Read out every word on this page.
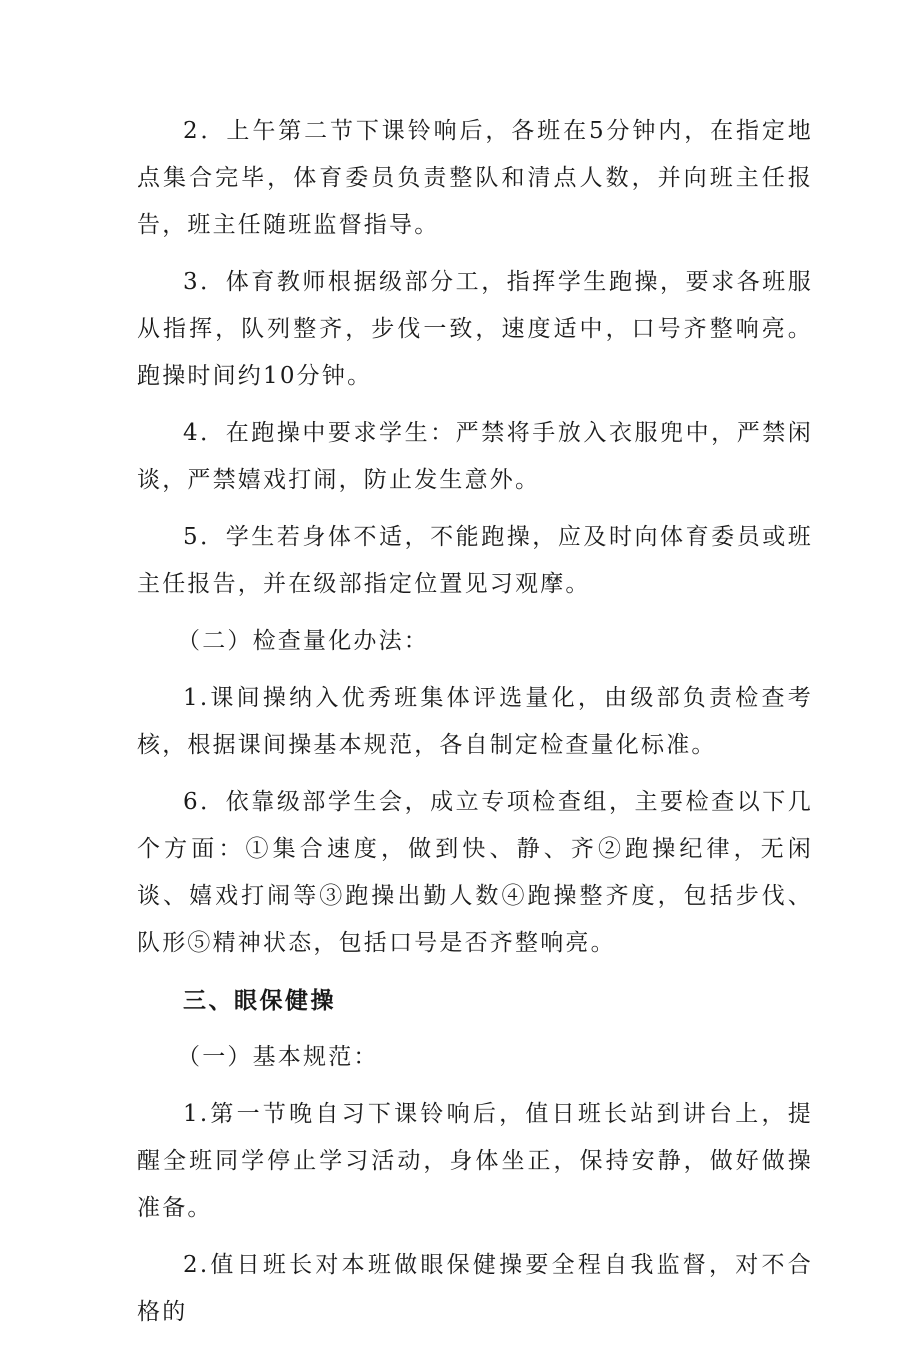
2．上午第二节下课铃响后，各班在5分钟内，在指定地点集合完毕，体育委员负责整队和清点人数，并向班主任报告，班主任随班监督指导。

3．体育教师根据级部分工，指挥学生跑操，要求各班服从指挥，队列整齐，步伐一致，速度适中，口号齐整响亮。跑操时间约10分钟。

4．在跑操中要求学生：严禁将手放入衣服兜中，严禁闲谈，严禁嬉戏打闹，防止发生意外。

5．学生若身体不适，不能跑操，应及时向体育委员或班主任报告，并在级部指定位置见习观摩。

（二）检查量化办法：

1.课间操纳入优秀班集体评选量化，由级部负责检查考核，根据课间操基本规范，各自制定检查量化标准。

6．依靠级部学生会，成立专项检查组，主要检查以下几个方面：①集合速度，做到快、静、齐②跑操纪律，无闲谈、嬉戏打闹等③跑操出勤人数④跑操整齐度，包括步伐、队形⑤精神状态，包括口号是否齐整响亮。

三、眼保健操

（一）基本规范：

1.第一节晚自习下课铃响后，值日班长站到讲台上，提醒全班同学停止学习活动，身体坐正，保持安静，做好做操准备。

2.值日班长对本班做眼保健操要全程自我监督，对不合格的
